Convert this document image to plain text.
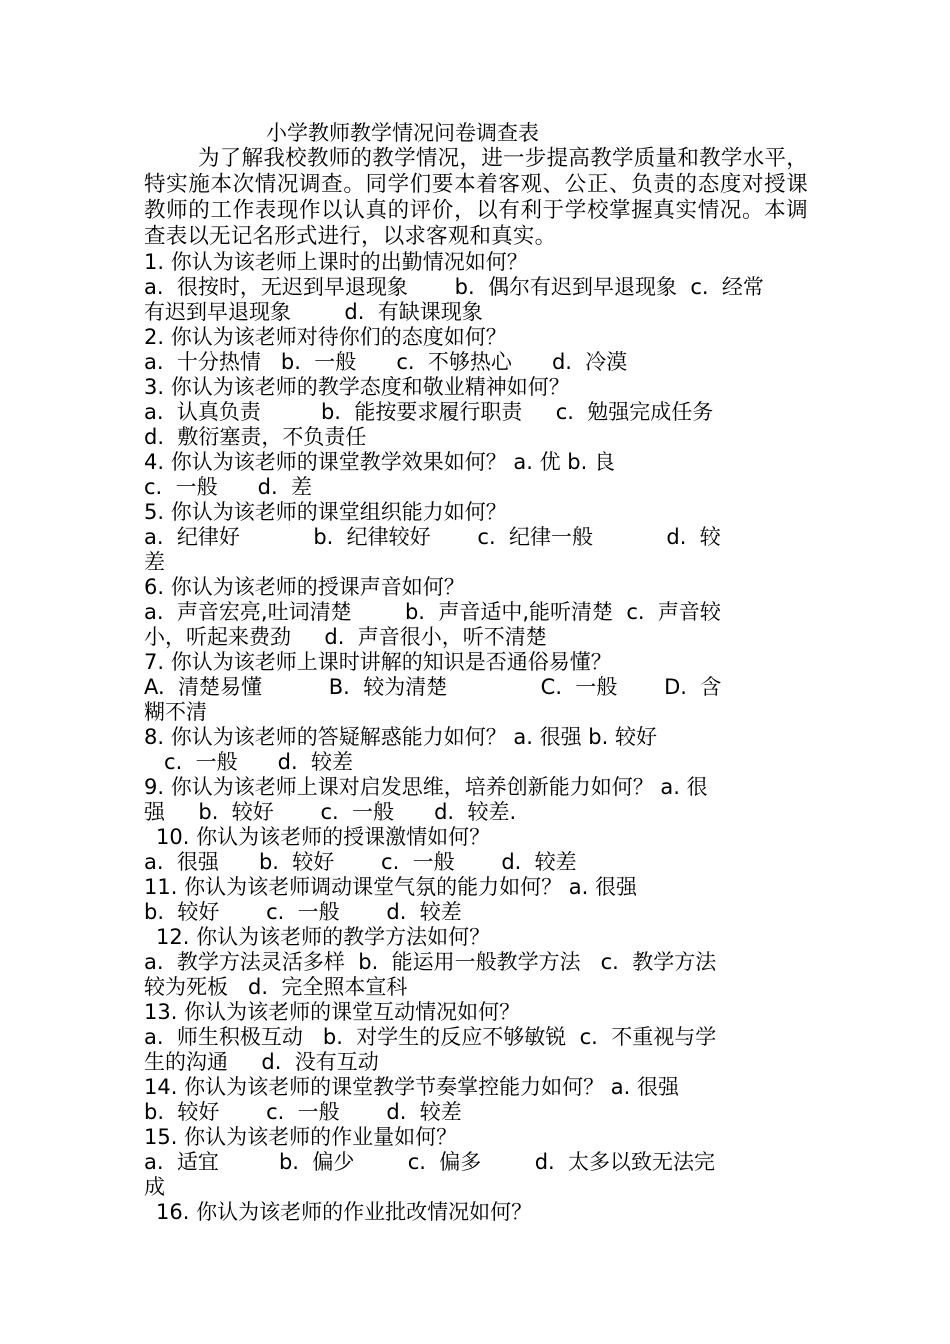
小学教师教学情况问卷调查表

为了解我校教师的教学情况，进一步提高教学质量和教学水平，特实施本次情况调查。同学们要本着客观、公正、负责的态度对授课教师的工作表现作以认真的评价，以有利于学校掌握真实情况。本调查表以无记名形式进行，以求客观和真实。

1. 你认为该老师上课时的出勤情况如何？

a.  很按时，无迟到早退现象       b.  偶尔有迟到早退现象  c.  经常

有迟到早退现象        d.  有缺课现象

2. 你认为该老师对待你们的态度如何？

a.  十分热情   b.  一般      c.  不够热心      d.  冷漠

3. 你认为该老师的教学态度和敬业精神如何？

a.  认真负责         b.  能按要求履行职责     c.  勉强完成任务

d.  敷衍塞责，不负责任

4. 你认为该老师的课堂教学效果如何？ a. 优 b. 良

c.  一般      d.  差

5. 你认为该老师的课堂组织能力如何？

a.  纪律好           b.  纪律较好       c.  纪律一般           d.  较

差

6. 你认为该老师的授课声音如何？

a.  声音宏亮,吐词清楚        b.  声音适中,能听清楚  c.  声音较

小，听起来费劲     d.  声音很小，听不清楚

7. 你认为该老师上课时讲解的知识是否通俗易懂？

A.  清楚易懂          B.  较为清楚              C.  一般       D.  含

糊不清

8. 你认为该老师的答疑解惑能力如何？ a. 很强 b. 较好

c.  一般      d.  较差

9. 你认为该老师上课对启发思维，培养创新能力如何？ a. 很

强     b.  较好       c.  一般      d.  较差.

10. 你认为该老师的授课激情如何？

a.  很强      b.  较好       c.  一般       d.  较差

11. 你认为该老师调动课堂气氛的能力如何？ a. 很强

b.  较好       c.  一般       d.  较差

12. 你认为该老师的教学方法如何？

a.  教学方法灵活多样  b.  能运用一般教学方法   c.  教学方法

较为死板   d.  完全照本宣科

13. 你认为该老师的课堂互动情况如何？

a.  师生积极互动   b.  对学生的反应不够敏锐  c.  不重视与学

生的沟通     d.  没有互动

14. 你认为该老师的课堂教学节奏掌控能力如何？ a. 很强

b.  较好       c.  一般       d.  较差

15. 你认为该老师的作业量如何？

a.  适宜         b.  偏少        c.  偏多        d.  太多以致无法完

成

16. 你认为该老师的作业批改情况如何？
